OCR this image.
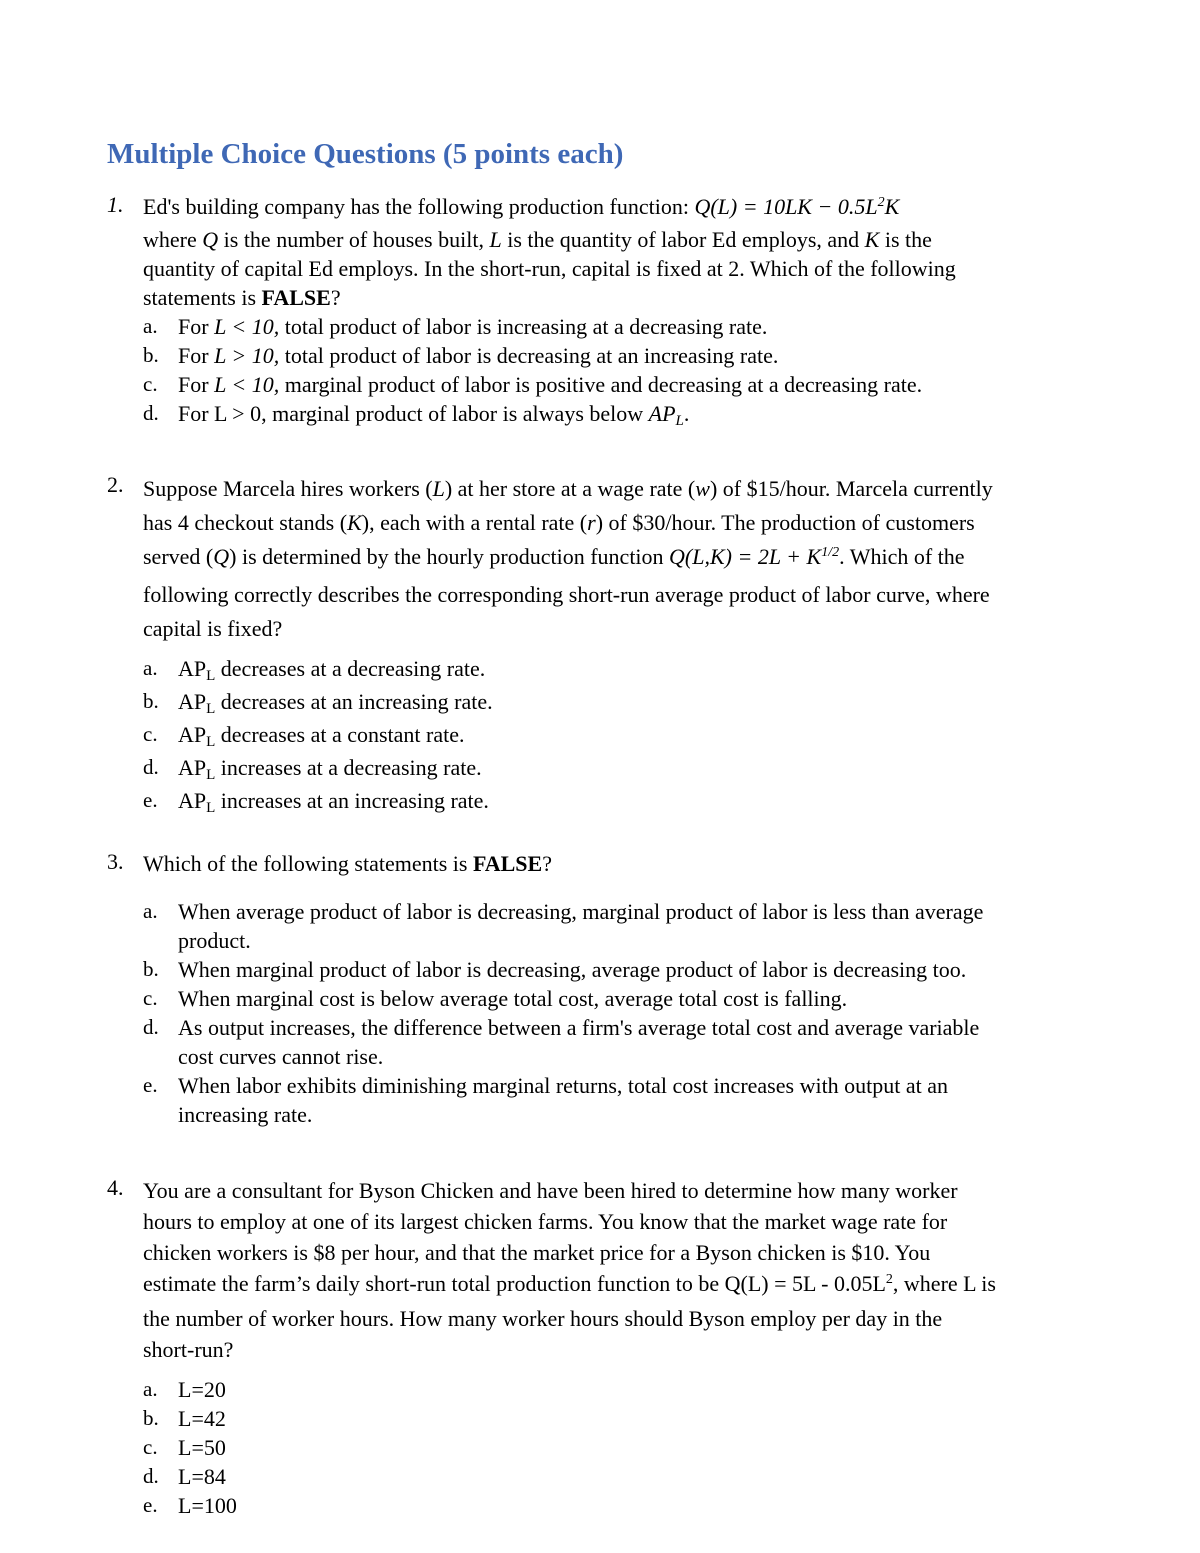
Multiple Choice Questions (5 points each)
1. Ed's building company has the following production function: $Q(L) = 10LK - 0.5L^2K$
where Q is the number of houses built, L is the quantity of labor Ed employs, and K is the
quantity of capital Ed employs. In the short-run, capital is fixed at 2. Which of the following
statements is FALSE?

a. For L < 10, total product of labor is increasing at a decreasing rate.
b. For L > 10, total product of labor is decreasing at an increasing rate.
c. For L < 10, marginal product of labor is positive and decreasing at a decreasing rate.
d. For L > 0, marginal product of labor is always below APL.
2. Suppose Marcela hires workers (L) at her store at a wage rate (w) of $15/hour. Marcela currently
has 4 checkout stands (K), each with a rental rate (r) of $30/hour. The production of customers
served (Q) is determined by the hourly production function $Q(L,K) = 2L + K^{1/2}$. Which of the
following correctly describes the corresponding short-run average product of labor curve, where
capital is fixed?

a. APL decreases at a decreasing rate.
b. APL decreases at an increasing rate.
c. APL decreases at a constant rate.
d. APL increases at a decreasing rate.
e. APL increases at an increasing rate.
3. Which of the following statements is FALSE?

a. When average product of labor is decreasing, marginal product of labor is less than average
product.
b. When marginal product of labor is decreasing, average product of labor is decreasing too.
c. When marginal cost is below average total cost, average total cost is falling.
d. As output increases, the difference between a firm's average total cost and average variable
cost curves cannot rise.
e. When labor exhibits diminishing marginal returns, total cost increases with output at an
increasing rate.
4. You are a consultant for Byson Chicken and have been hired to determine how many worker
hours to employ at one of its largest chicken farms. You know that the market wage rate for
chicken workers is $8 per hour, and that the market price for a Byson chicken is $10. You
estimate the farm’s daily short-run total production function to be $Q(L) = 5L - 0.05L^2$, where L is
the number of worker hours. How many worker hours should Byson employ per day in the
short-run?

a. L=20
b. L=42
c. L=50
d. L=84
e. L=100
